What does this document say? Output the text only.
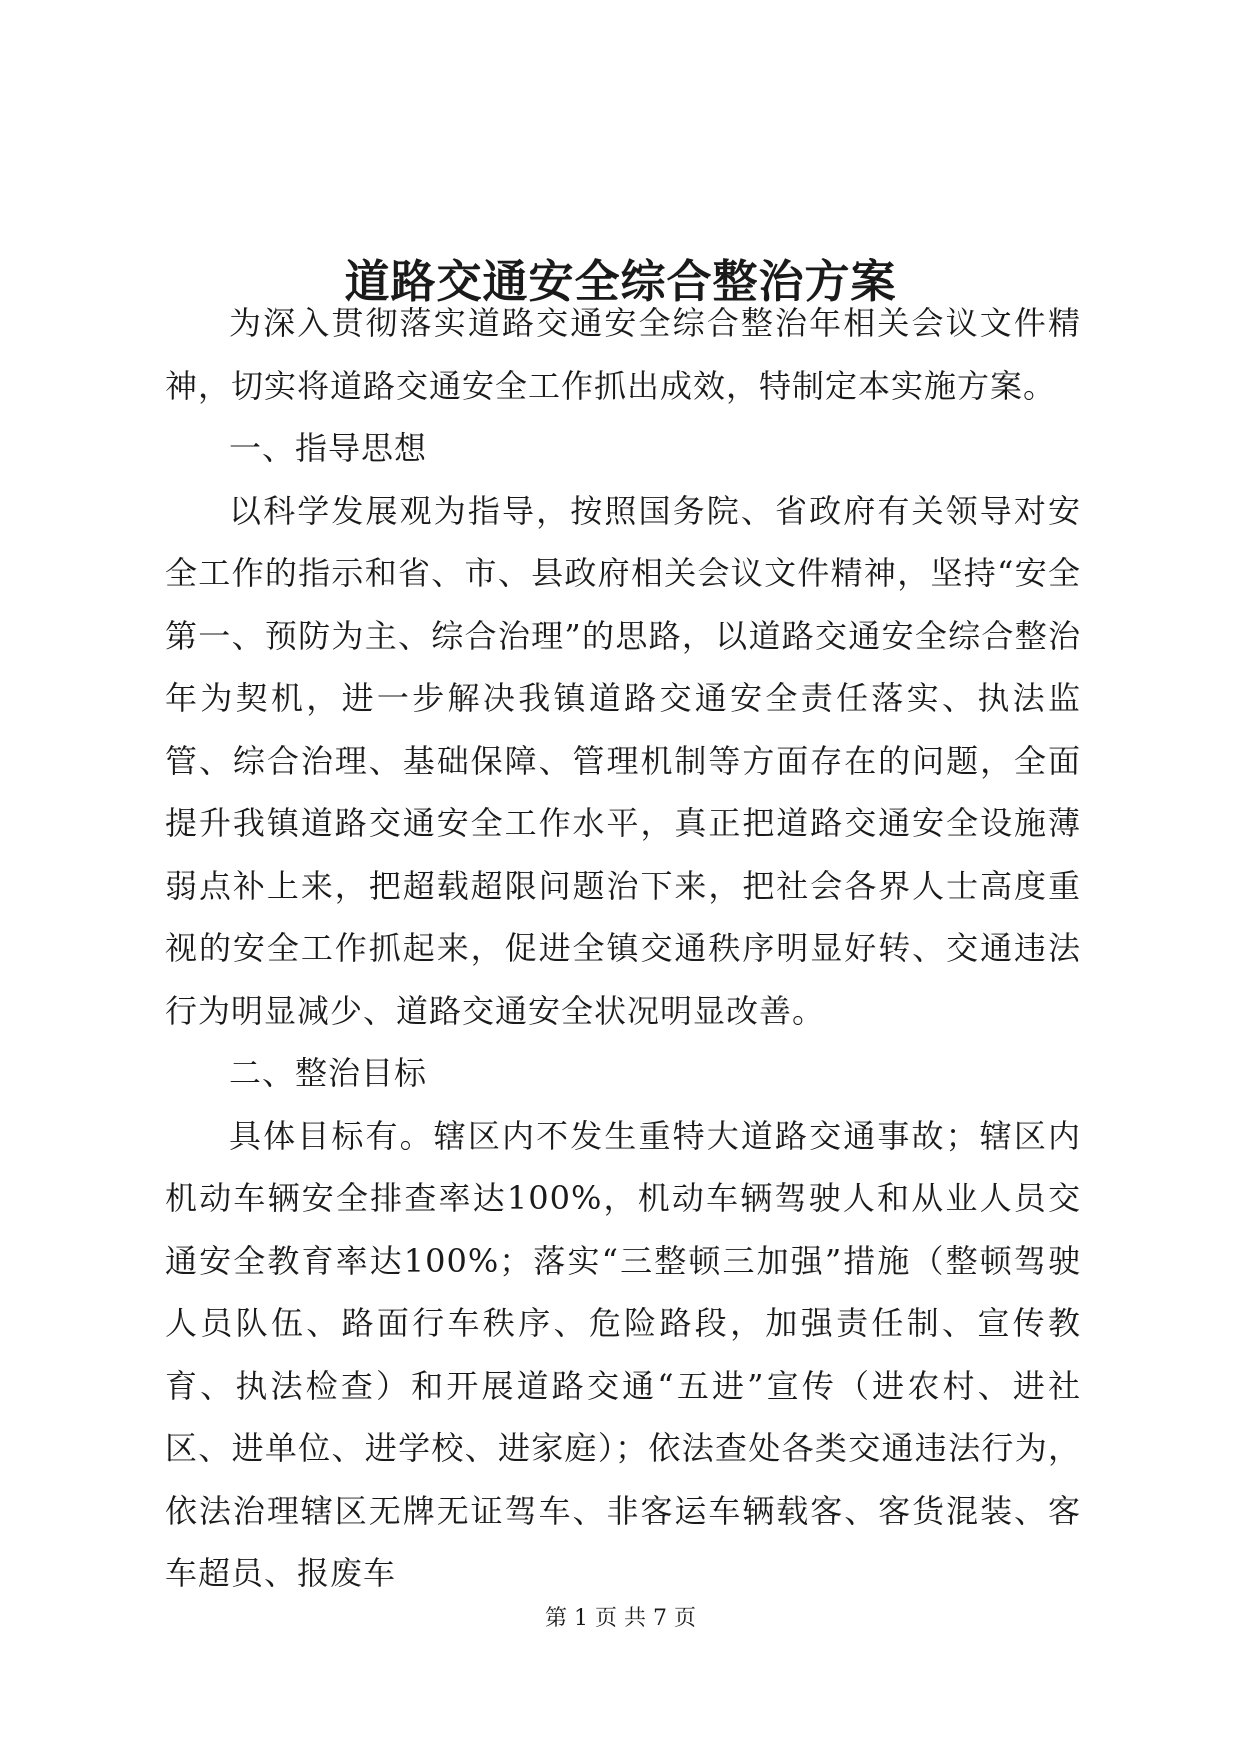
道路交通安全综合整治方案

为深入贯彻落实道路交通安全综合整治年相关会议文件精神，切实将道路交通安全工作抓出成效，特制定本实施方案。

一、指导思想

以科学发展观为指导，按照国务院、省政府有关领导对安全工作的指示和省、市、县政府相关会议文件精神，坚持“安全第一、预防为主、综合治理”的思路，以道路交通安全综合整治年为契机，进一步解决我镇道路交通安全责任落实、执法监管、综合治理、基础保障、管理机制等方面存在的问题，全面提升我镇道路交通安全工作水平，真正把道路交通安全设施薄弱点补上来，把超载超限问题治下来，把社会各界人士高度重视的安全工作抓起来，促进全镇交通秩序明显好转、交通违法行为明显减少、道路交通安全状况明显改善。

二、整治目标

具体目标有。辖区内不发生重特大道路交通事故；辖区内机动车辆安全排查率达100%，机动车辆驾驶人和从业人员交通安全教育率达100%；落实“三整顿三加强”措施（整顿驾驶人员队伍、路面行车秩序、危险路段，加强责任制、宣传教育、执法检查）和开展道路交通“五进”宣传（进农村、进社区、进单位、进学校、进家庭）；依法查处各类交通违法行为，依法治理辖区无牌无证驾车、非客运车辆载客、客货混装、客车超员、报废车

第 1 页 共 7 页
